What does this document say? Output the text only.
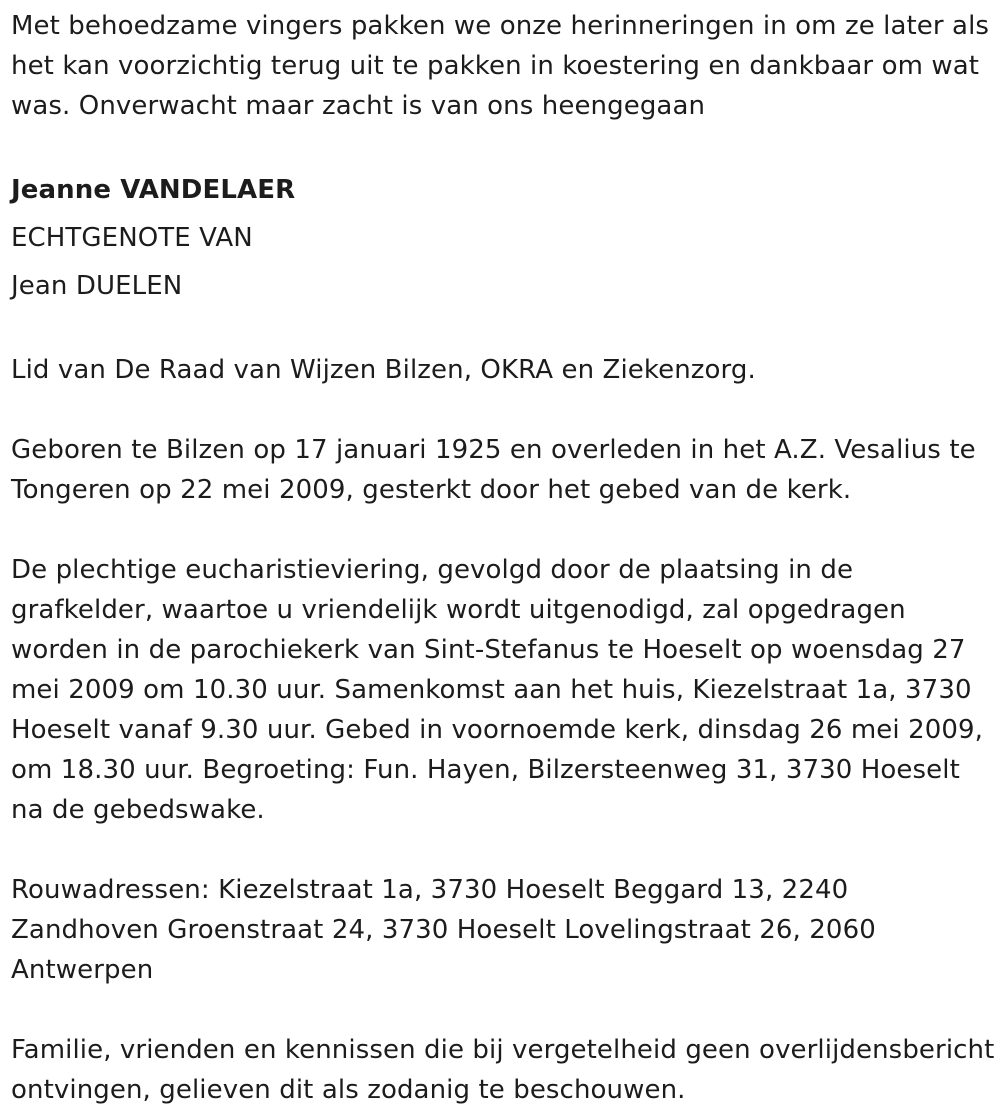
Met behoedzame vingers pakken we onze herinneringen in om ze later als het kan voorzichtig terug uit te pakken in koestering en dankbaar om wat was. Onverwacht maar zacht is van ons heengegaan

Jeanne VANDELAER
ECHTGENOTE VAN
Jean DUELEN

Lid van De Raad van Wijzen Bilzen, OKRA en Ziekenzorg.

Geboren te Bilzen op 17 januari 1925 en overleden in het A.Z. Vesalius te Tongeren op 22 mei 2009, gesterkt door het gebed van de kerk.

De plechtige eucharistieviering, gevolgd door de plaatsing in de grafkelder, waartoe u vriendelijk wordt uitgenodigd, zal opgedragen worden in de parochiekerk van Sint-Stefanus te Hoeselt op woensdag 27 mei 2009 om 10.30 uur. Samenkomst aan het huis, Kiezelstraat 1a, 3730 Hoeselt vanaf 9.30 uur. Gebed in voornoemde kerk, dinsdag 26 mei 2009, om 18.30 uur. Begroeting: Fun. Hayen, Bilzersteenweg 31, 3730 Hoeselt na de gebedswake.

Rouwadressen: Kiezelstraat 1a, 3730 Hoeselt Beggard 13, 2240 Zandhoven Groenstraat 24, 3730 Hoeselt Lovelingstraat 26, 2060 Antwerpen

Familie, vrienden en kennissen die bij vergetelheid geen overlijdensbericht ontvingen, gelieven dit als zodanig te beschouwen.
